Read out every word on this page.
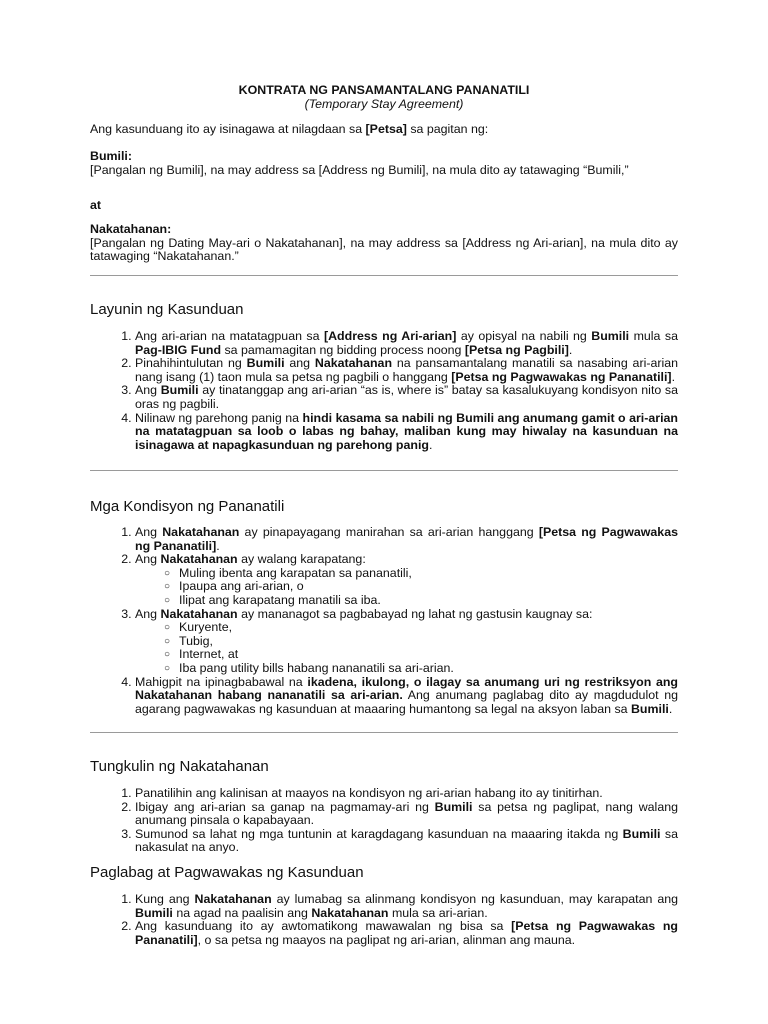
KONTRATA NG PANSAMANTALANG PANANATILI
(Temporary Stay Agreement)
Ang kasunduang ito ay isinagawa at nilagdaan sa [Petsa] sa pagitan ng:
Bumili:
[Pangalan ng Bumili], na may address sa [Address ng Bumili], na mula dito ay tatawaging “Bumili,”
at
Nakatahanan:
[Pangalan ng Dating May-ari o Nakatahanan], na may address sa [Address ng Ari-arian], na mula dito ay tatawaging “Nakatahanan.”
Layunin ng Kasunduan
1. Ang ari-arian na matatagpuan sa [Address ng Ari-arian] ay opisyal na nabili ng Bumili mula sa Pag-IBIG Fund sa pamamagitan ng bidding process noong [Petsa ng Pagbili].
2. Pinahihintulutan ng Bumili ang Nakatahanan na pansamantalang manatili sa nasabing ari-arian nang isang (1) taon mula sa petsa ng pagbili o hanggang [Petsa ng Pagwawakas ng Pananatili].
3. Ang Bumili ay tinatanggap ang ari-arian “as is, where is” batay sa kasalukuyang kondisyon nito sa oras ng pagbili.
4. Nilinaw ng parehong panig na hindi kasama sa nabili ng Bumili ang anumang gamit o ari-arian na matatagpuan sa loob o labas ng bahay, maliban kung may hiwalay na kasunduan na isinagawa at napagkasunduan ng parehong panig.
Mga Kondisyon ng Pananatili
1. Ang Nakatahanan ay pinapayagang manirahan sa ari-arian hanggang [Petsa ng Pagwawakas ng Pananatili].
2. Ang Nakatahanan ay walang karapatang:
○ Muling ibenta ang karapatan sa pananatili,
○ Ipaupa ang ari-arian, o
○ Ilipat ang karapatang manatili sa iba.
3. Ang Nakatahanan ay mananagot sa pagbabayad ng lahat ng gastusin kaugnay sa:
○ Kuryente,
○ Tubig,
○ Internet, at
○ Iba pang utility bills habang nananatili sa ari-arian.
4. Mahigpit na ipinagbabawal na ikadena, ikulong, o ilagay sa anumang uri ng restriksyon ang Nakatahanan habang nananatili sa ari-arian. Ang anumang paglabag dito ay magdudulot ng agarang pagwawakas ng kasunduan at maaaring humantong sa legal na aksyon laban sa Bumili.
Tungkulin ng Nakatahanan
1. Panatilihin ang kalinisan at maayos na kondisyon ng ari-arian habang ito ay tinitirhan.
2. Ibigay ang ari-arian sa ganap na pagmamay-ari ng Bumili sa petsa ng paglipat, nang walang anumang pinsala o kapabayaan.
3. Sumunod sa lahat ng mga tuntunin at karagdagang kasunduan na maaaring itakda ng Bumili sa nakasulat na anyo.
Paglabag at Pagwawakas ng Kasunduan
1. Kung ang Nakatahanan ay lumabag sa alinmang kondisyon ng kasunduan, may karapatan ang Bumili na agad na paalisin ang Nakatahanan mula sa ari-arian.
2. Ang kasunduang ito ay awtomatikong mawawalan ng bisa sa [Petsa ng Pagwawakas ng Pananatili], o sa petsa ng maayos na paglipat ng ari-arian, alinman ang mauna.
